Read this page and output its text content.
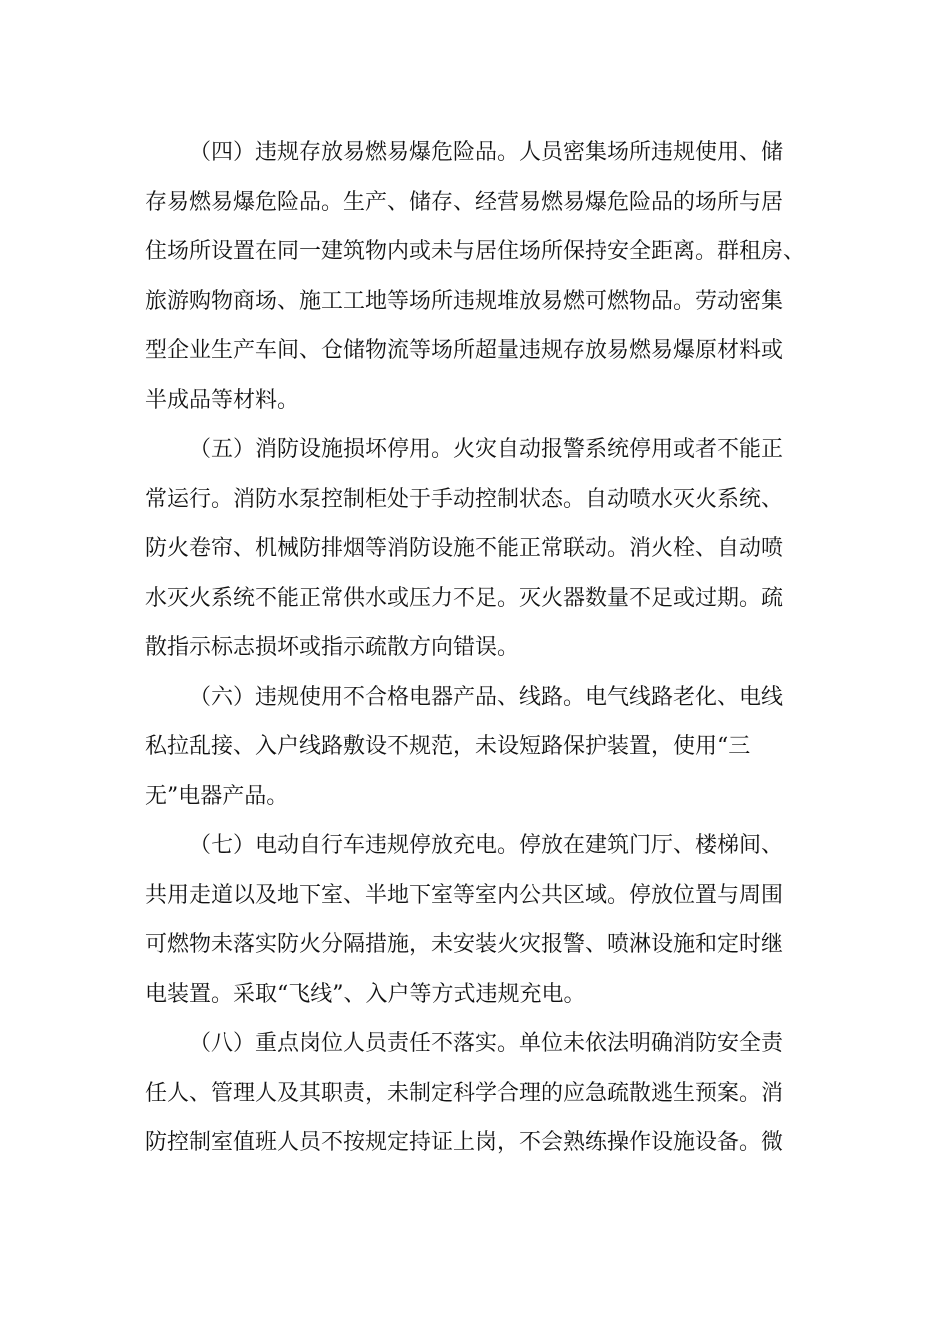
（四）违规存放易燃易爆危险品。人员密集场所违规使用、储
存易燃易爆危险品。生产、储存、经营易燃易爆危险品的场所与居
住场所设置在同一建筑物内或未与居住场所保持安全距离。群租房、
旅游购物商场、施工工地等场所违规堆放易燃可燃物品。劳动密集
型企业生产车间、仓储物流等场所超量违规存放易燃易爆原材料或
半成品等材料。
（五）消防设施损坏停用。火灾自动报警系统停用或者不能正
常运行。消防水泵控制柜处于手动控制状态。自动喷水灭火系统、
防火卷帘、机械防排烟等消防设施不能正常联动。消火栓、自动喷
水灭火系统不能正常供水或压力不足。灭火器数量不足或过期。疏
散指示标志损坏或指示疏散方向错误。
（六）违规使用不合格电器产品、线路。电气线路老化、电线
私拉乱接、入户线路敷设不规范，未设短路保护装置，使用“三
无”电器产品。
（七）电动自行车违规停放充电。停放在建筑门厅、楼梯间、
共用走道以及地下室、半地下室等室内公共区域。停放位置与周围
可燃物未落实防火分隔措施，未安装火灾报警、喷淋设施和定时继
电装置。采取“飞线”、入户等方式违规充电。
（八）重点岗位人员责任不落实。单位未依法明确消防安全责
任人、管理人及其职责，未制定科学合理的应急疏散逃生预案。消
防控制室值班人员不按规定持证上岗，不会熟练操作设施设备。微
